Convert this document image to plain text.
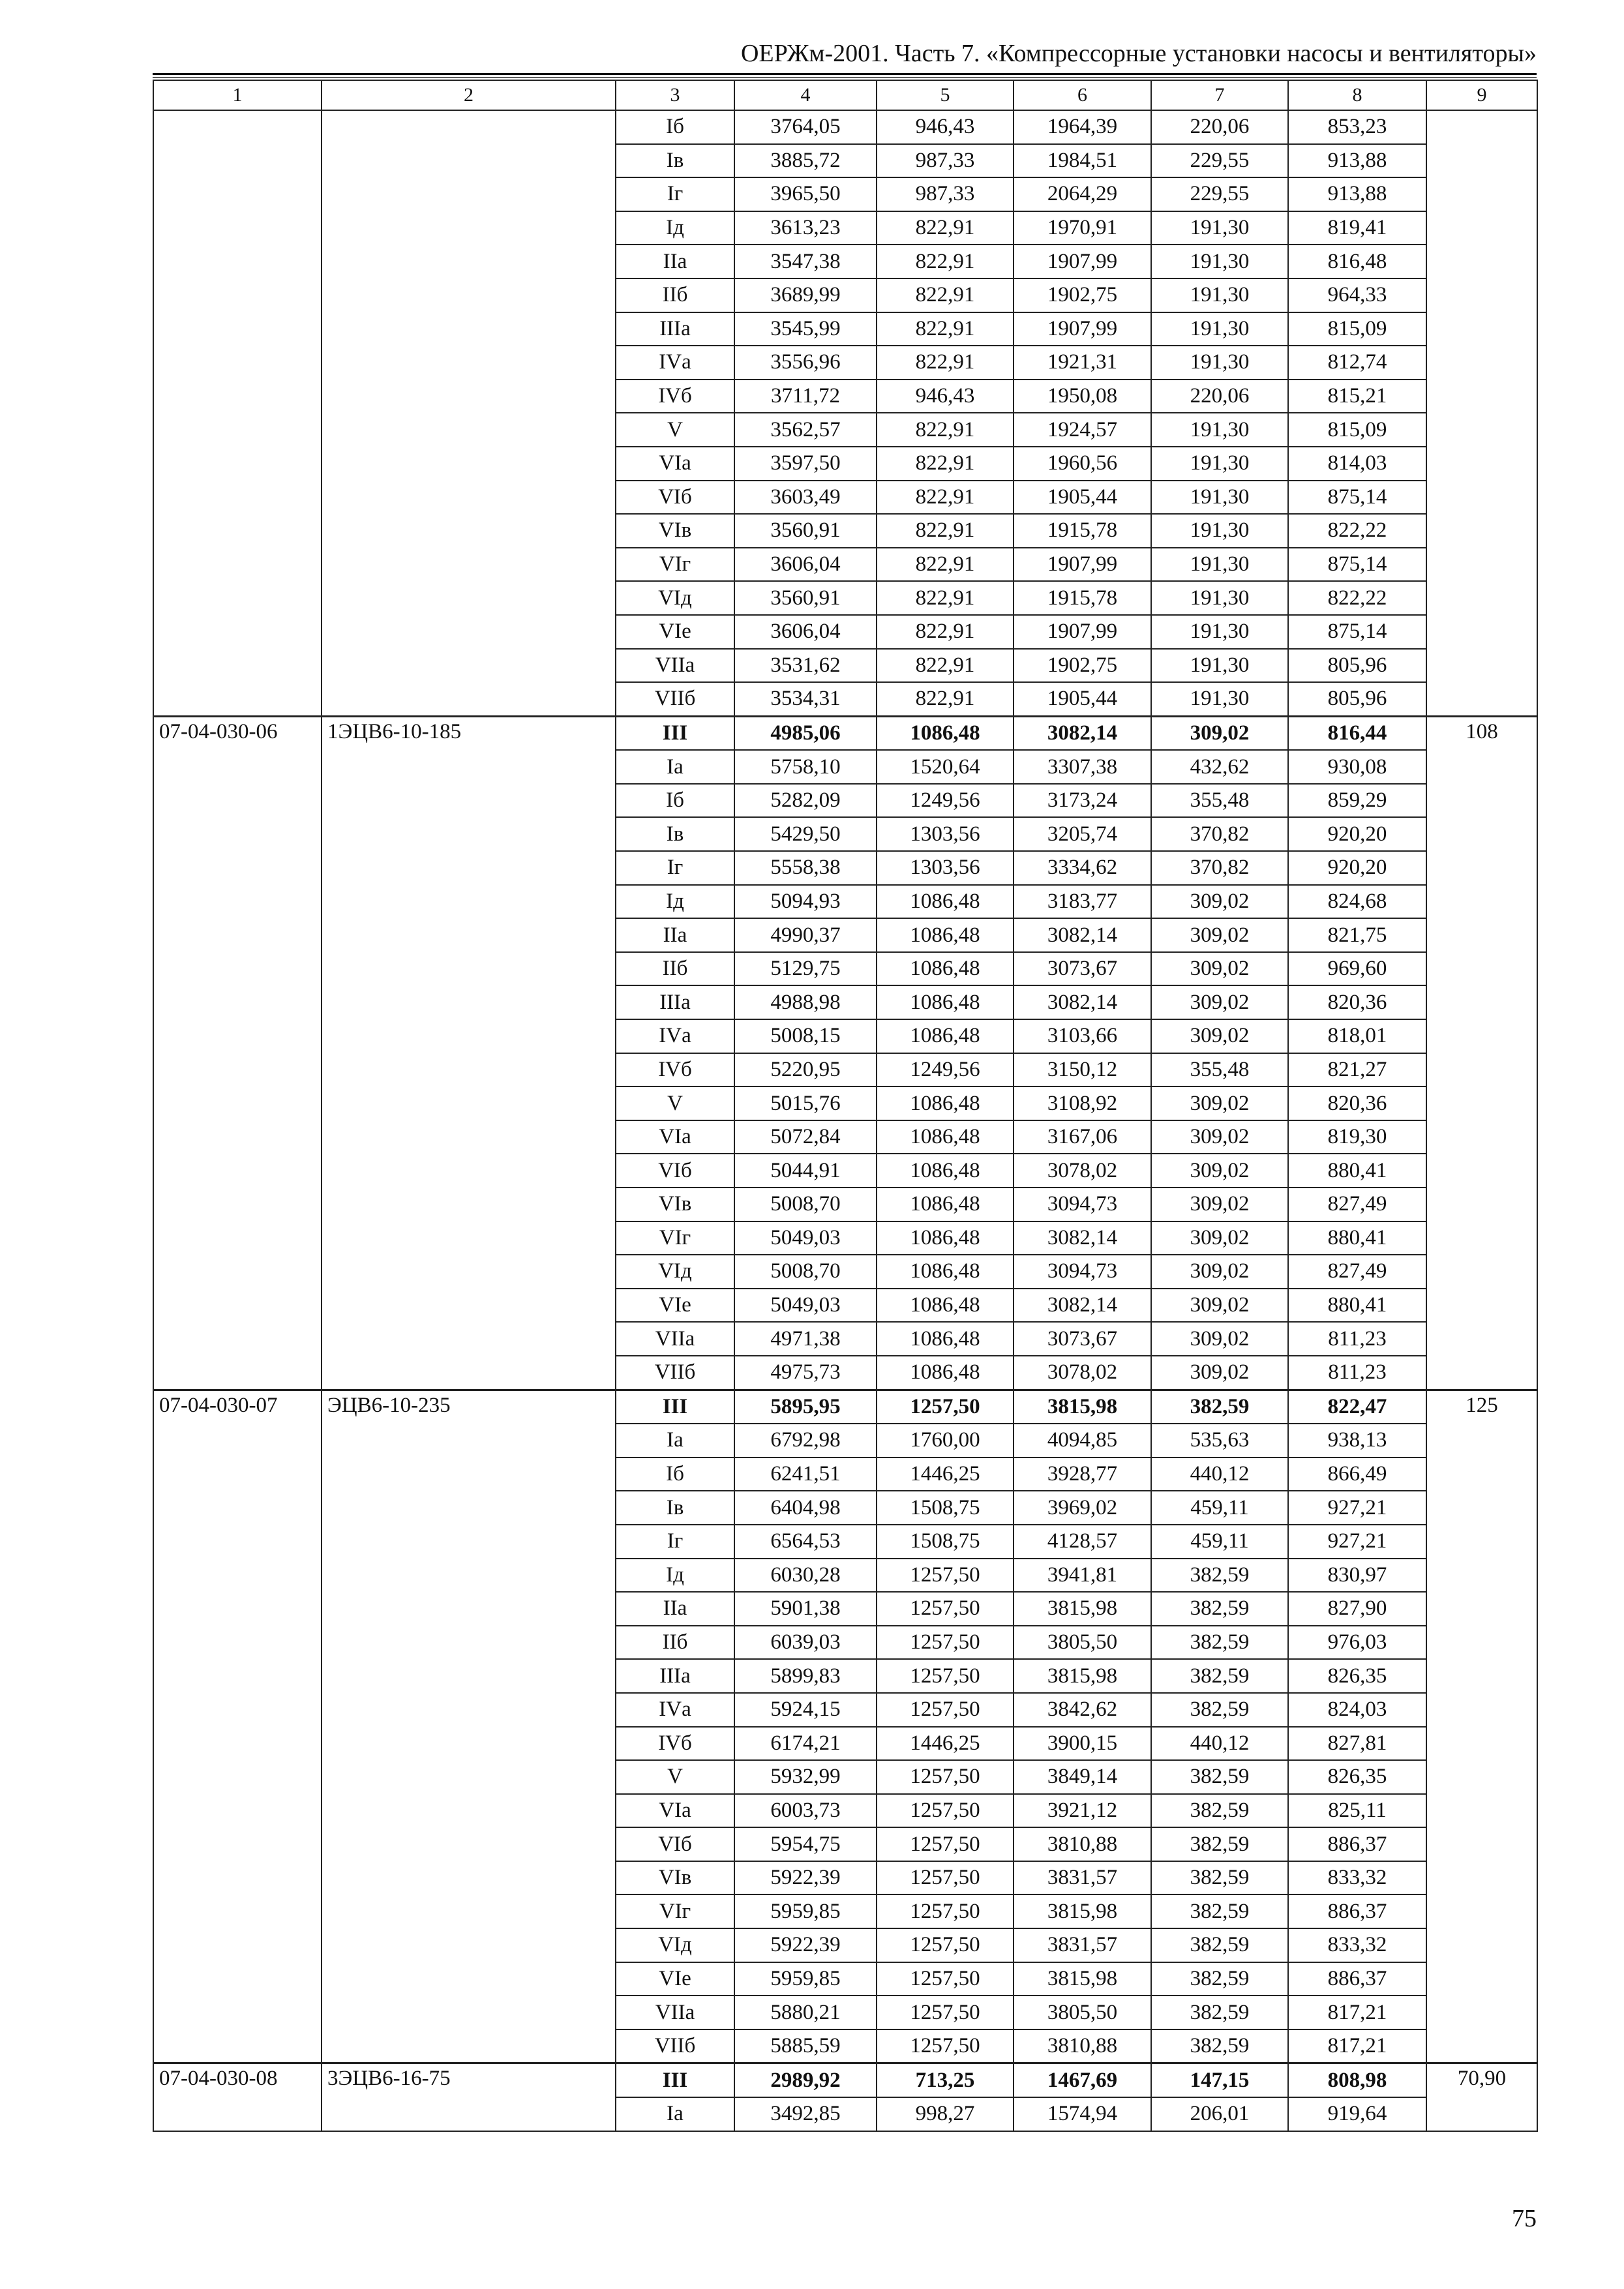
ОЕРЖм-2001. Часть 7. «Компрессорные установки насосы и вентиляторы»
1	2	3	4	5	6	7	8	9
		Iб	3764,05	946,43	1964,39	220,06	853,23	
		Iв	3885,72	987,33	1984,51	229,55	913,88	
		Iг	3965,50	987,33	2064,29	229,55	913,88	
		Iд	3613,23	822,91	1970,91	191,30	819,41	
		IIа	3547,38	822,91	1907,99	191,30	816,48	
		IIб	3689,99	822,91	1902,75	191,30	964,33	
		IIIа	3545,99	822,91	1907,99	191,30	815,09	
		IVа	3556,96	822,91	1921,31	191,30	812,74	
		IVб	3711,72	946,43	1950,08	220,06	815,21	
		V	3562,57	822,91	1924,57	191,30	815,09	
		VIа	3597,50	822,91	1960,56	191,30	814,03	
		VIб	3603,49	822,91	1905,44	191,30	875,14	
		VIв	3560,91	822,91	1915,78	191,30	822,22	
		VIг	3606,04	822,91	1907,99	191,30	875,14	
		VIд	3560,91	822,91	1915,78	191,30	822,22	
		VIе	3606,04	822,91	1907,99	191,30	875,14	
		VIIа	3531,62	822,91	1902,75	191,30	805,96	
		VIIб	3534,31	822,91	1905,44	191,30	805,96	
07-04-030-06	1ЭЦВ6-10-185	III	4985,06	1086,48	3082,14	309,02	816,44	108
		Iа	5758,10	1520,64	3307,38	432,62	930,08	
		Iб	5282,09	1249,56	3173,24	355,48	859,29	
		Iв	5429,50	1303,56	3205,74	370,82	920,20	
		Iг	5558,38	1303,56	3334,62	370,82	920,20	
		Iд	5094,93	1086,48	3183,77	309,02	824,68	
		IIа	4990,37	1086,48	3082,14	309,02	821,75	
		IIб	5129,75	1086,48	3073,67	309,02	969,60	
		IIIа	4988,98	1086,48	3082,14	309,02	820,36	
		IVа	5008,15	1086,48	3103,66	309,02	818,01	
		IVб	5220,95	1249,56	3150,12	355,48	821,27	
		V	5015,76	1086,48	3108,92	309,02	820,36	
		VIа	5072,84	1086,48	3167,06	309,02	819,30	
		VIб	5044,91	1086,48	3078,02	309,02	880,41	
		VIв	5008,70	1086,48	3094,73	309,02	827,49	
		VIг	5049,03	1086,48	3082,14	309,02	880,41	
		VIд	5008,70	1086,48	3094,73	309,02	827,49	
		VIе	5049,03	1086,48	3082,14	309,02	880,41	
		VIIа	4971,38	1086,48	3073,67	309,02	811,23	
		VIIб	4975,73	1086,48	3078,02	309,02	811,23	
07-04-030-07	ЭЦВ6-10-235	III	5895,95	1257,50	3815,98	382,59	822,47	125
		Iа	6792,98	1760,00	4094,85	535,63	938,13	
		Iб	6241,51	1446,25	3928,77	440,12	866,49	
		Iв	6404,98	1508,75	3969,02	459,11	927,21	
		Iг	6564,53	1508,75	4128,57	459,11	927,21	
		Iд	6030,28	1257,50	3941,81	382,59	830,97	
		IIа	5901,38	1257,50	3815,98	382,59	827,90	
		IIб	6039,03	1257,50	3805,50	382,59	976,03	
		IIIа	5899,83	1257,50	3815,98	382,59	826,35	
		IVа	5924,15	1257,50	3842,62	382,59	824,03	
		IVб	6174,21	1446,25	3900,15	440,12	827,81	
		V	5932,99	1257,50	3849,14	382,59	826,35	
		VIа	6003,73	1257,50	3921,12	382,59	825,11	
		VIб	5954,75	1257,50	3810,88	382,59	886,37	
		VIв	5922,39	1257,50	3831,57	382,59	833,32	
		VIг	5959,85	1257,50	3815,98	382,59	886,37	
		VIд	5922,39	1257,50	3831,57	382,59	833,32	
		VIе	5959,85	1257,50	3815,98	382,59	886,37	
		VIIа	5880,21	1257,50	3805,50	382,59	817,21	
		VIIб	5885,59	1257,50	3810,88	382,59	817,21	
07-04-030-08	3ЭЦВ6-16-75	III	2989,92	713,25	1467,69	147,15	808,98	70,90
		Iа	3492,85	998,27	1574,94	206,01	919,64	
75
